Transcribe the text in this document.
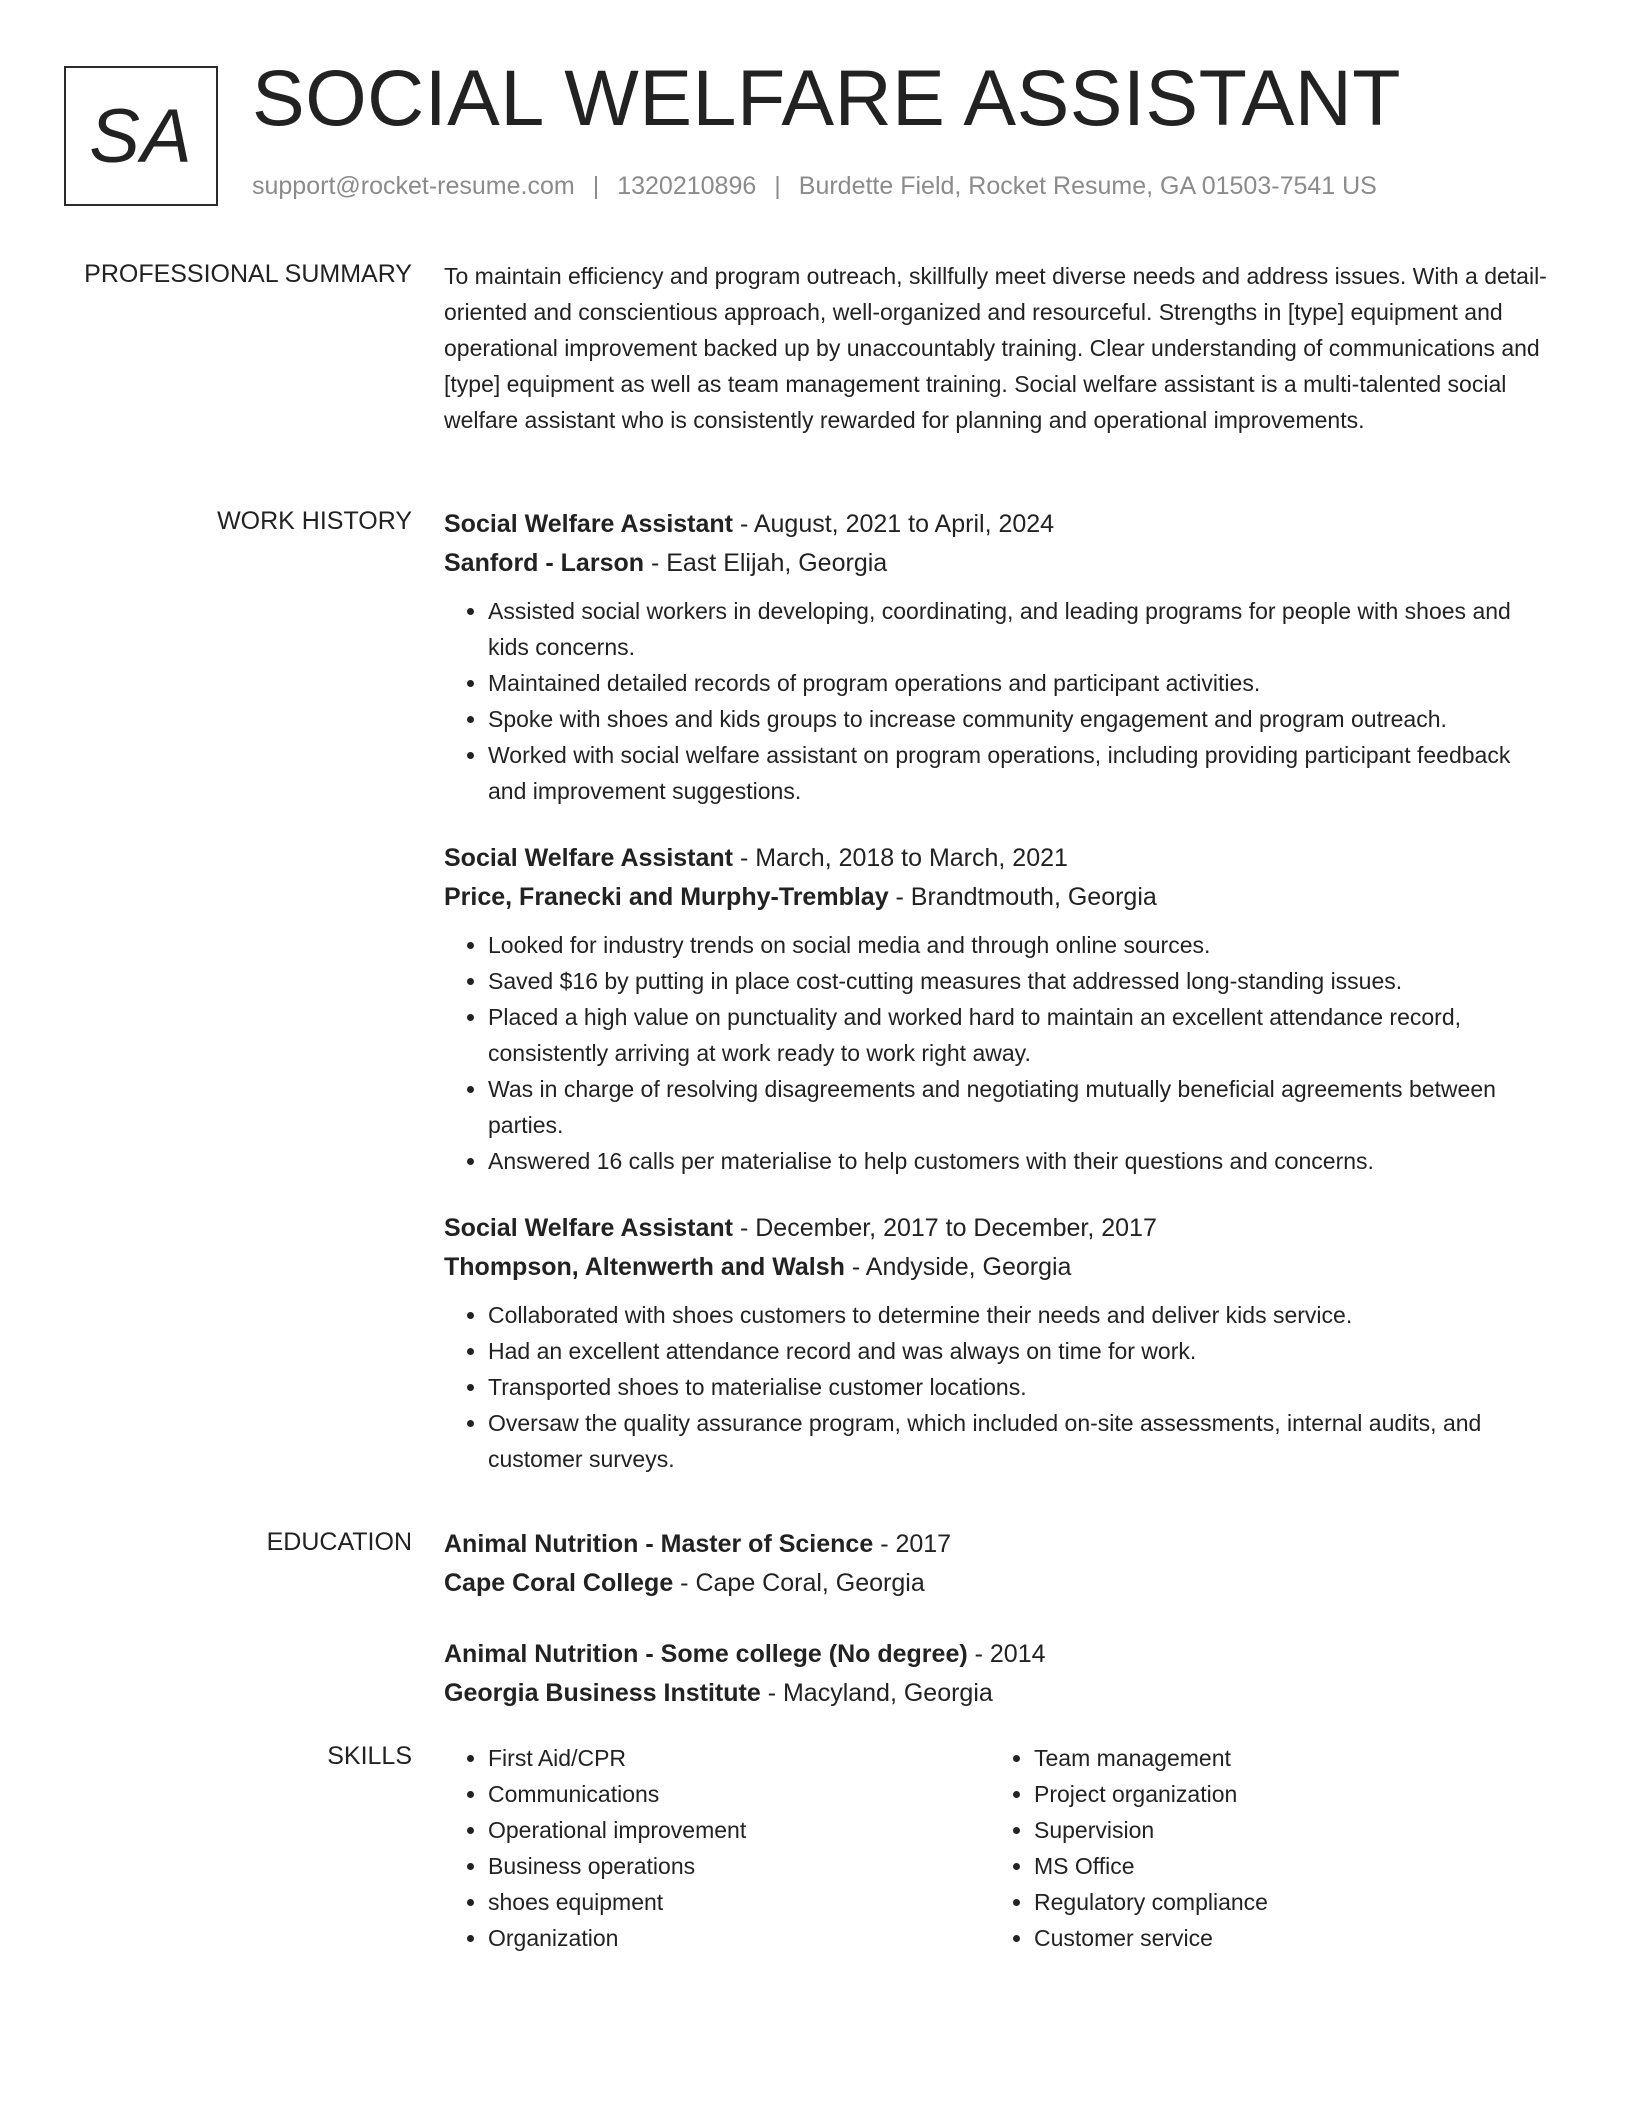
SA SOCIAL WELFARE ASSISTANT
support@rocket-resume.com | 1320210896 | Burdette Field, Rocket Resume, GA 01503-7541 US
PROFESSIONAL SUMMARY To maintain efficiency and program outreach, skillfully meet diverse needs and address issues. With a detail-oriented and conscientious approach, well-organized and resourceful. Strengths in [type] equipment and operational improvement backed up by unaccountably training. Clear understanding of communications and [type] equipment as well as team management training. Social welfare assistant is a multi-talented social welfare assistant who is consistently rewarded for planning and operational improvements.

WORK HISTORY Social Welfare Assistant - August, 2021 to April, 2024
Sanford - Larson - East Elijah, Georgia
• Assisted social workers in developing, coordinating, and leading programs for people with shoes and kids concerns.
• Maintained detailed records of program operations and participant activities.
• Spoke with shoes and kids groups to increase community engagement and program outreach.
• Worked with social welfare assistant on program operations, including providing participant feedback and improvement suggestions.
Social Welfare Assistant - March, 2018 to March, 2021
Price, Franecki and Murphy-Tremblay - Brandtmouth, Georgia
• Looked for industry trends on social media and through online sources.
• Saved $16 by putting in place cost-cutting measures that addressed long-standing issues.
• Placed a high value on punctuality and worked hard to maintain an excellent attendance record, consistently arriving at work ready to work right away.
• Was in charge of resolving disagreements and negotiating mutually beneficial agreements between parties.
• Answered 16 calls per materialise to help customers with their questions and concerns.
Social Welfare Assistant - December, 2017 to December, 2017
Thompson, Altenwerth and Walsh - Andyside, Georgia
• Collaborated with shoes customers to determine their needs and deliver kids service.
• Had an excellent attendance record and was always on time for work.
• Transported shoes to materialise customer locations.
• Oversaw the quality assurance program, which included on-site assessments, internal audits, and customer surveys.
EDUCATION Animal Nutrition - Master of Science - 2017
Cape Coral College - Cape Coral, Georgia
Animal Nutrition - Some college (No degree) - 2014
Georgia Business Institute - Macyland, Georgia
SKILLS
•	First Aid/CPR
• Communications
• Operational improvement
• Business operations
• shoes equipment
• Organization
• Team management
• Project organization
• Supervision
• MS Office
• Regulatory compliance
• Customer service
